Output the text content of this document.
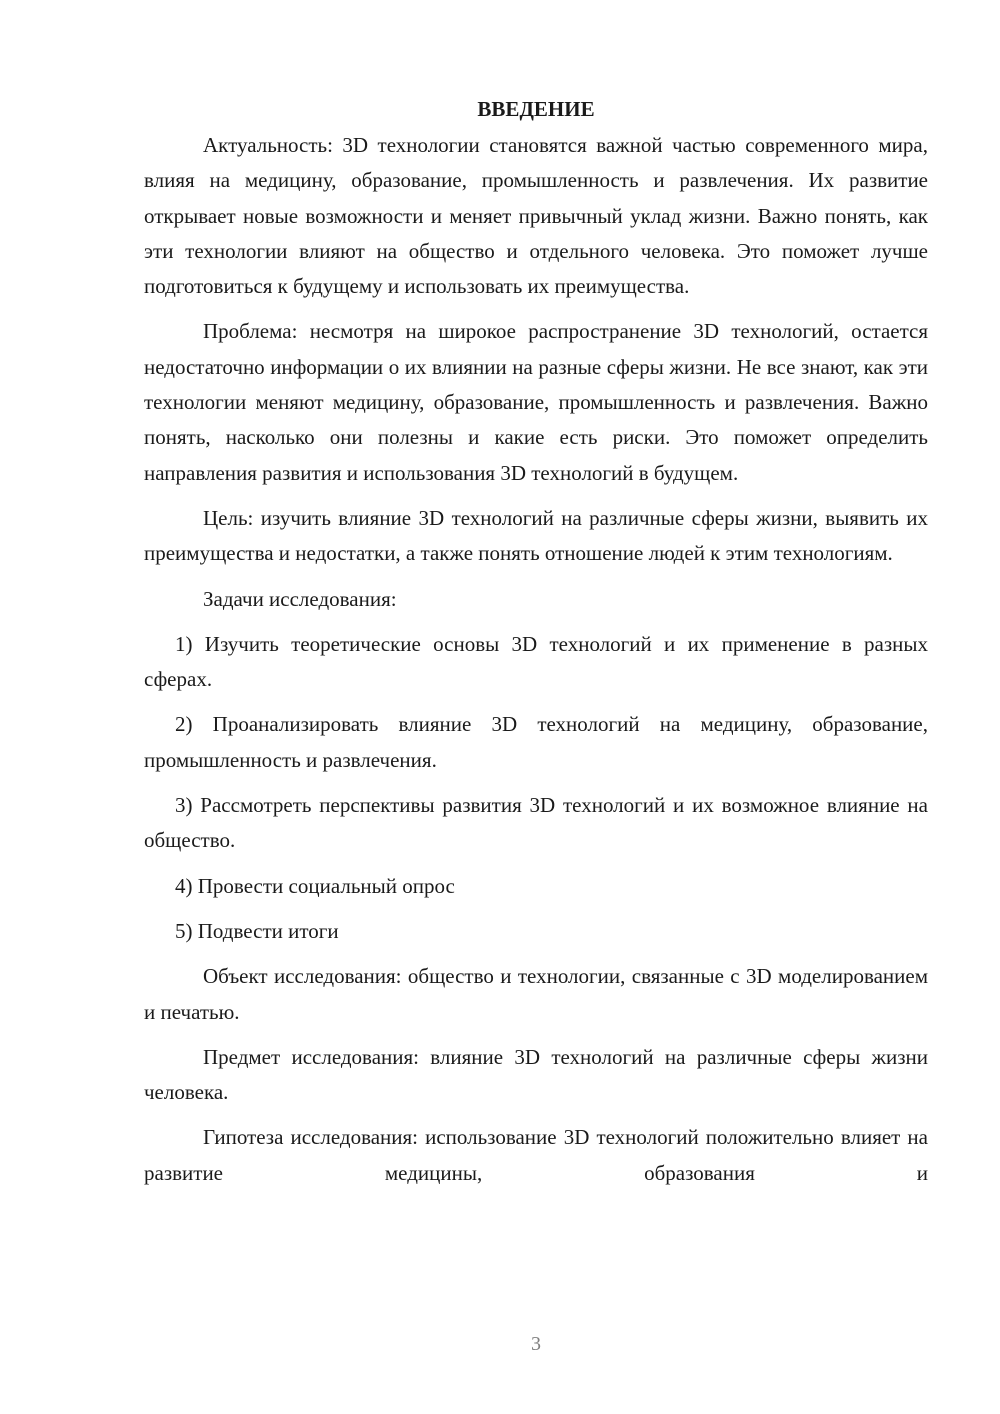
ВВЕДЕНИЕ

Актуальность: 3D технологии становятся важной частью современного мира, влияя на медицину, образование, промышленность и развлечения. Их развитие открывает новые возможности и меняет привычный уклад жизни. Важно понять, как эти технологии влияют на общество и отдельного человека. Это поможет лучше подготовиться к будущему и использовать их преимущества.

Проблема: несмотря на широкое распространение 3D технологий, остается недостаточно информации о их влиянии на разные сферы жизни. Не все знают, как эти технологии меняют медицину, образование, промышленность и развлечения. Важно понять, насколько они полезны и какие есть риски. Это поможет определить направления развития и использования 3D технологий в будущем.

Цель: изучить влияние 3D технологий на различные сферы жизни, выявить их преимущества и недостатки, а также понять отношение людей к этим технологиям.

Задачи исследования:

1) Изучить теоретические основы 3D технологий и их применение в разных сферах.

2) Проанализировать влияние 3D технологий на медицину, образование, промышленность и развлечения.

3) Рассмотреть перспективы развития 3D технологий и их возможное влияние на общество.

4) Провести социальный опрос

5) Подвести итоги

Объект исследования: общество и технологии, связанные с 3D моделированием и печатью.

Предмет исследования: влияние 3D технологий на различные сферы жизни человека.

Гипотеза исследования: использование 3D технологий положительно влияет на развитие медицины, образования и

3
